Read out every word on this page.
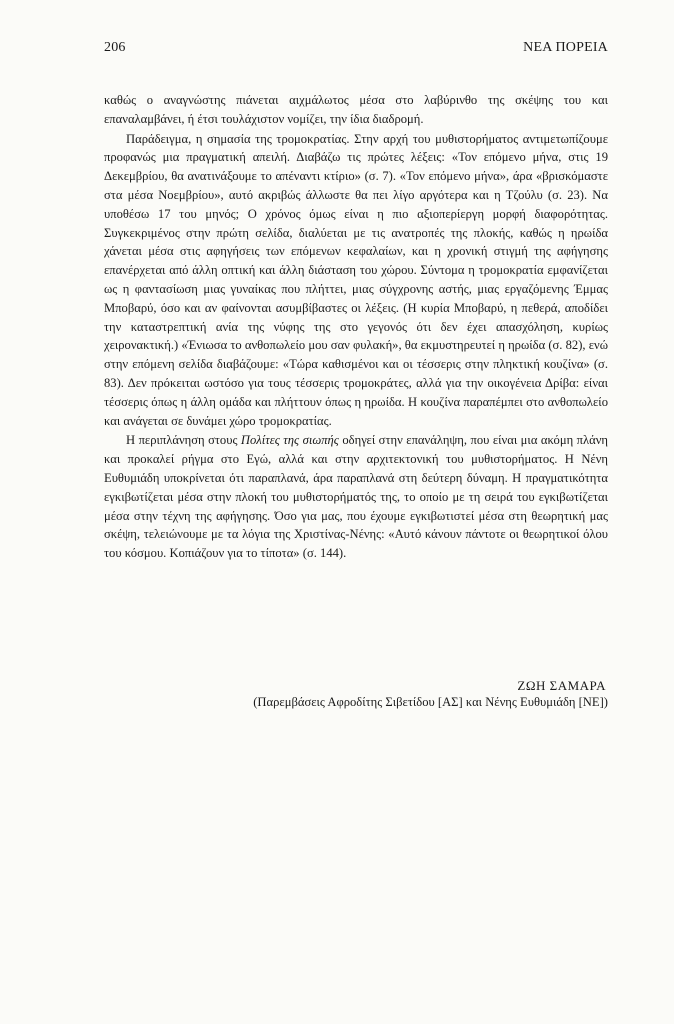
206	ΝΕΑ ΠΟΡΕΙΑ

καθώς ο αναγνώστης πιάνεται αιχμάλωτος μέσα στο λαβύρινθο της σκέψης του και επαναλαμβάνει, ή έτσι τουλάχιστον νομίζει, την ίδια διαδρομή.

Παράδειγμα, η σημασία της τρομοκρατίας. Στην αρχή του μυθιστορήματος αντιμετωπίζουμε προφανώς μια πραγματική απειλή. Διαβάζω τις πρώτες λέξεις: «Τον επόμενο μήνα, στις 19 Δεκεμβρίου, θα ανατινάξουμε το απέναντι κτίριο» (σ. 7). «Τον επόμενο μήνα», άρα «βρισκόμαστε στα μέσα Νοεμβρίου», αυτό ακριβώς άλλωστε θα πει λίγο αργότερα και η Τζούλυ (σ. 23). Να υποθέσω 17 του μηνός; Ο χρόνος όμως είναι η πιο αξιοπερίεργη μορφή διαφορότητας. Συγκεκριμένος στην πρώτη σελίδα, διαλύεται με τις ανατροπές της πλοκής, καθώς η ηρωίδα χάνεται μέσα στις αφηγήσεις των επόμενων κεφαλαίων, και η χρονική στιγμή της αφήγησης επανέρχεται από άλλη οπτική και άλλη διάσταση του χώρου. Σύντομα η τρομοκρατία εμφανίζεται ως η φαντασίωση μιας γυναίκας που πλήττει, μιας σύγχρονης αστής, μιας εργαζόμενης Έμμας Μποβαρύ, όσο και αν φαίνονται ασυμβίβαστες οι λέξεις. (Η κυρία Μποβαρύ, η πεθερά, αποδίδει την καταστρεπτική ανία της νύφης της στο γεγονός ότι δεν έχει απασχόληση, κυρίως χειρονακτική.) «Ένιωσα το ανθοπωλείο μου σαν φυλακή», θα εκμυστηρευτεί η ηρωίδα (σ. 82), ενώ στην επόμενη σελίδα διαβάζουμε: «Τώρα καθισμένοι και οι τέσσερις στην πληκτική κουζίνα» (σ. 83). Δεν πρόκειται ωστόσο για τους τέσσερις τρομοκράτες, αλλά για την οικογένεια Δρίβα: είναι τέσσερις όπως η άλλη ομάδα και πλήττουν όπως η ηρωίδα. Η κουζίνα παραπέμπει στο ανθοπωλείο και ανάγεται σε δυνάμει χώρο τρομοκρατίας.

Η περιπλάνηση στους Πολίτες της σιωπής οδηγεί στην επανάληψη, που είναι μια ακόμη πλάνη και προκαλεί ρήγμα στο Εγώ, αλλά και στην αρχιτεκτονική του μυθιστορήματος. Η Νένη Ευθυμιάδη υποκρίνεται ότι παραπλανά, άρα παραπλανά στη δεύτερη δύναμη. Η πραγματικότητα εγκιβωτίζεται μέσα στην πλοκή του μυθιστορήματός της, το οποίο με τη σειρά του εγκιβωτίζεται μέσα στην τέχνη της αφήγησης. Όσο για μας, που έχουμε εγκιβωτιστεί μέσα στη θεωρητική μας σκέψη, τελειώνουμε με τα λόγια της Χριστίνας-Νένης: «Αυτό κάνουν πάντοτε οι θεωρητικοί όλου του κόσμου. Κοπιάζουν για το τίποτα» (σ. 144).

ΖΩΗ ΣΑΜΑΡΑ
(Παρεμβάσεις Αφροδίτης Σιβετίδου [ΑΣ] και Νένης Ευθυμιάδη [ΝΕ])
